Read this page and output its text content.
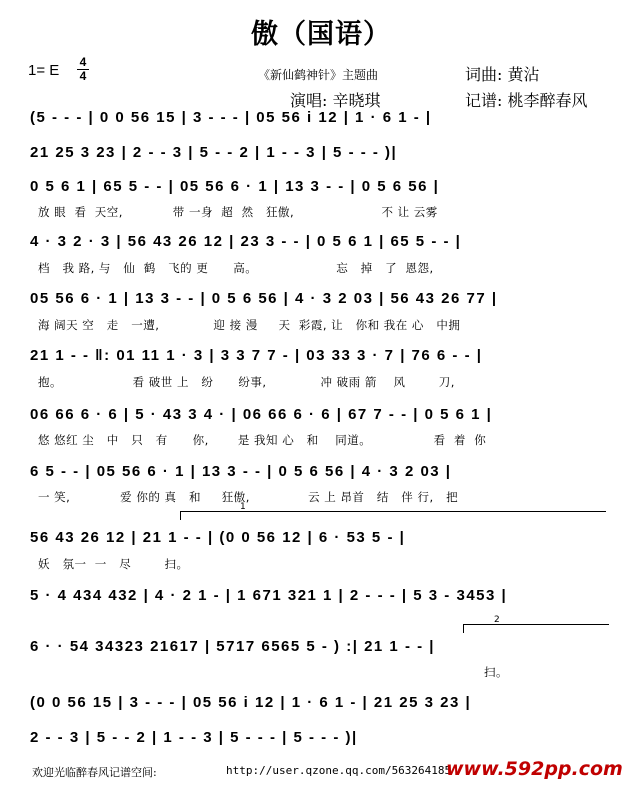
傲（国语）
1= E	4
4	《新仙鹤神针》主题曲	词曲: 黄沾
演唱: 辛晓琪	记谱: 桃李醉春风
(5 - - - | 0 0 56 15 | 3 - - - | 05 56 i 12 | 1 · 6 1 - |
21 25 3 23 | 2 - - 3 | 5 - - 2 | 1 - - 3 | 5 - - - )|
0 5 6 1 | 65 5 - - | 05 56 6 · 1 | 13 3 - - | 0 5 6 56 |
放 眼  看  天空,            带 一身  超  然   狂傲,                     不 让 云雾
4 · 3 2 · 3 | 56 43 26 12 | 23 3 - - | 0 5 6 1 | 65 5 - - |
档   我 路, 与   仙  鹤   飞的 更      高。                   忘   掉   了  恩怨,
05 56 6 · 1 | 13 3 - - | 0 5 6 56 | 4 · 3 2 03 | 56 43 26 77 |
海 阔天 空   走   一遭,             迎 接 漫     天  彩霞, 让   你和 我在 心   中拥
21 1 - - ‖: 01 11 1 · 3 | 3 3 7 7 - | 03 33 3 · 7 | 76 6 - - |
抱。                 看 破世 上   纷      纷事,             冲 破雨 箭    风        刀,
06 66 6 · 6 | 5 · 43 3 4 · | 06 66 6 · 6 | 67 7 - - | 0 5 6 1 |
悠 悠红 尘   中   只   有      你,       是 我知 心   和    同道。               看  着  你
6 5 - - | 05 56 6 · 1 | 13 3 - - | 0 5 6 56 | 4 · 3 2 03 |
一 笑,            爱 你的 真   和     狂傲,              云 上 昂首   结   伴 行,   把
1
56 43 26 12 | 21 1 - - | (0 0 56 12 | 6 · 53 5 - |
妖   氛一  一   尽        扫。
5 · 4 434 432 | 4 · 2 1 - | 1 671 321 1 | 2 - - - | 5 3 - 3453 |
2
6 · · 54 34323 21617 | 5717 6565 5 - ) :| 21 1 - - |
扫。
(0 0 56 15 | 3 - - - | 05 56 i 12 | 1 · 6 1 - | 21 25 3 23 |
2 - - 3 | 5 - - 2 | 1 - - 3 | 5 - - - | 5 - - - )|
欢迎光临醉春风记谱空间:	http://user.qzone.qq.com/563264185
www.592pp.com
